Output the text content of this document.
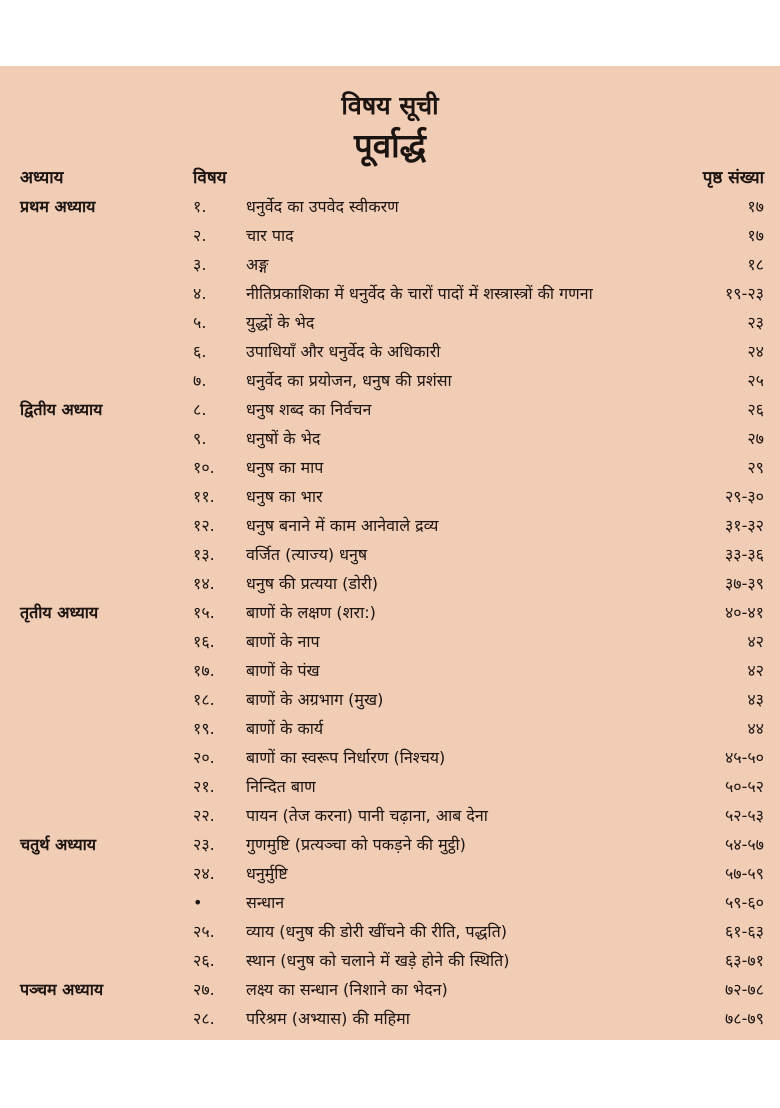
विषय सूची
पूर्वार्द्ध
अध्याय	विषय	पृष्ठ संख्या
प्रथम अध्याय	१. धनुर्वेद का उपवेद स्वीकरण	१७
२. चार पाद	१७
३. अङ्ग	१८
४. नीतिप्रकाशिका में धनुर्वेद के चारों पादों में शस्त्रास्त्रों की गणना	१९-२३
५. युद्धों के भेद	२३
६. उपाधियाँ और धनुर्वेद के अधिकारी	२४
७. धनुर्वेद का प्रयोजन, धनुष की प्रशंसा	२५
द्वितीय अध्याय	८. धनुष शब्द का निर्वचन	२६
९. धनुषों के भेद	२७
१०. धनुष का माप	२९
११. धनुष का भार	२९-३०
१२. धनुष बनाने में काम आनेवाले द्रव्य	३१-३२
१३. वर्जित (त्याज्य) धनुष	३३-३६
१४. धनुष की प्रत्यया (डोरी)	३७-३९
तृतीय अध्याय	१५. बाणों के लक्षण (शरा:)	४०-४१
१६. बाणों के नाप	४२
१७. बाणों के पंख	४२
१८. बाणों के अग्रभाग (मुख)	४३
१९. बाणों के कार्य	४४
२०. बाणों का स्वरूप निर्धारण (निश्चय)	४५-५०
२१. निन्दित बाण	५०-५२
२२. पायन (तेज करना) पानी चढ़ाना, आब देना	५२-५३
चतुर्थ अध्याय	२३. गुणमुष्टि (प्रत्यञ्चा को पकड़ने की मुट्ठी)	५४-५७
२४. धनुर्मुष्टि	५७-५९
•	सन्धान	५९-६०
२५. व्याय (धनुष की डोरी खींचने की रीति, पद्धति)	६१-६३
२६. स्थान (धनुष को चलाने में खड़े होने की स्थिति)	६३-७१
पञ्चम अध्याय	२७. लक्ष्य का सन्धान (निशाने का भेदन)	७२-७८
२८. परिश्रम (अभ्यास) की महिमा	७८-७९
